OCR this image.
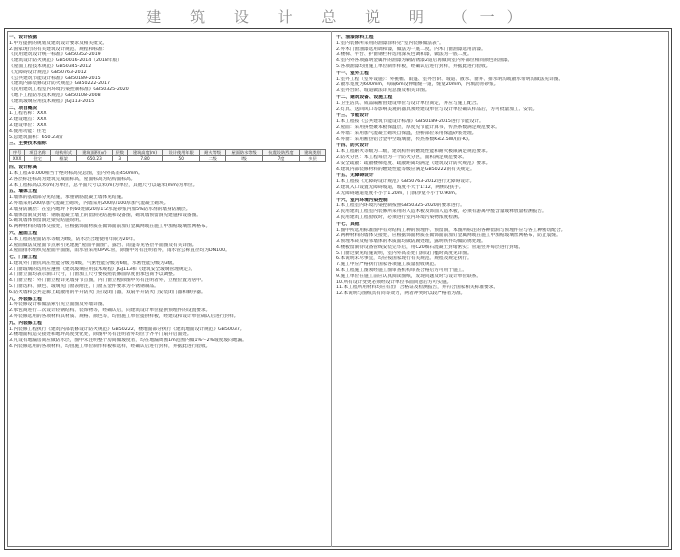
建 筑 设 计 总 说 明 （一）
一、设计依据
1.甲方提供的规划及建筑设计要求及相关批文。
2.国家现行的有关建筑设计规范、规程和标准：
《民用建筑设计统一标准》GB50352-2019
《建筑设计防火规范》GB50016-2014（2018年版）
《屋面工程技术规范》GB50345-2012
《无障碍设计规范》GB50763-2012
《公共建筑节能设计标准》GB50189-2015
《建筑内部装修设计防火规范》GB50222-2017
《民用建筑工程室内环境污染控制标准》GB50325-2020
《地下工程防水技术规范》GB50108-2008
《建筑玻璃应用技术规程》JGJ113-2015
二、项目概况
1.工程名称：XXX
2.建设地点：XXX
3.建设单位：XXX
4.使用功能：住宅
5.总建筑面积：650.23㎡
三、主要技术指标
序号	项目名称	结构形式	建筑面积(㎡)	层数	建筑高度(m)	设计使用年限	耐火等级	屋面防水等级	抗震设防烈度	建筑类别
XXX	住宅	框架	650.23	3	7.80	50	二级	Ⅰ级	7度	多层
四、设计标高
1.本工程±0.000相当于绝对标高见总图，室内外高差450mm。
2.各层标注标高为建筑完成面标高，屋面标高为结构面标高。
3.本工程标高以米(m)为单位，总平面尺寸以米(m)为单位，其他尺寸以毫米(mm)为单位。
五、墙体工程
1.墙体的基础部分见结施，承重钢筋混凝土墙体见结施。
2.外墙采用200厚加气混凝土砌块，内墙采用200厚/100厚加气混凝土砌块。
3.墙身防潮层：在室内地坪下约60处做20厚1:2水泥砂浆内加5%防水剂的墙身防潮层。
4.墙体留洞及封堵：钢筋混凝土墙上的留洞见结施和设备图，砌筑墙预留洞见建施和设备图。
5.砌筑墙体预留洞过梁见结施说明。
6.两种材料的墙体交接处，应根据饰面材质在做饰面前加钉金属网或在施工中加贴玻璃丝网格布。
六、屋面工程
1.本工程的屋面防水等级为Ⅰ级，防水层合理使用年限为20年。
2.屋面做法及屋面节点索引见建施“屋面平面图”，露台、雨篷等见各层平面图及有关详图。
3.屋面排水组织见屋面平面图，雨水管采用UPVC管，除图中另有注明者外，雨水管公称直径均为DN100。
七、门窗工程
1.建筑外门窗抗风压性能分级为4级，气密性能分级为6级，水密性能分级为3级。
2.门窗玻璃的选用应遵照《建筑玻璃应用技术规程》JGJ113和《建筑安全玻璃管理规定》。
3.门窗立面均表示洞口尺寸，门窗加工尺寸要按照装修面厚度由承包商予以调整。
4.门窗立樘：外门窗立樘详见墙身节点图，内门窗立樘除图中另有注明者外，立樘位置为居中。
5.门窗选料、颜色、玻璃见门窗表附注，门窗五金件要求为不锈钢制品。
6.防火墙和公共走廊上疏散用的平开防火门应设闭门器，双扇平开防火门安装闭门器和顺序器。
八、外装修工程
1.外装修设计和做法索引见立面图及外墙详图。
2.承包商进行二次设计轻钢结构、装饰物等，经确认后，向建筑设计单位提供预埋件的设置要求。
3.外装修选用的各项材料其材质、规格、颜色等，均由施工单位提供样板，经建设和设计单位确认后进行封样。
九、内装修工程
1.内装修工程执行《建筑内部装修设计防火规范》GB50222，楼地面部分执行《建筑地面设计规范》GB50037。
2.楼地面构造交接处和地坪高度变化处，除图中另有注明者外均位于齐平门扇开启面处。
3.凡设有地漏房间应做防水层，图中未注明整个房间做坡度者，均在地漏周围1m范围内做1%～2%坡度坡向地漏。
4.内装修选用的各项材料，均由施工单位制作样板和选样，经确认后进行封样，并据此进行验收。
十、油漆涂料工程
1.室内装修所采用的油漆涂料见“室内装修做法表”。
2.外木门窗油漆选用调和漆，做法为一底二度。内木门窗油漆选用清漆。
3.楼梯、平台、护窗钢栏杆选用深灰色调和漆，做法为一底二度。
4.室内外各项露明金属件的油漆为刷防锈漆2道后再做同室内外部位相同颜色的油漆。
5.各项油漆均由施工单位制作样板，经确认后进行封样，并据此进行验收。
十一、室外工程
1.室外工程（室外设施）：外挑檐、雨篷、室外台阶、坡道、散水、窗井、排水明沟或散水带明沟做法见详图。
2.散水宽度为600mm，每隔6m设伸缩缝一道，缝宽20mm，内填沥青砂浆。
3.室外台阶、坡道做法详见总图及相关详图。
十二、建筑设备、设施工程
1.卫生洁具、成品隔断由建设单位与设计单位商定，并应与施工配合。
2.灯具、送回风口等影响美观的器具须经建设单位与设计单位确认样品后，方可批量加工、安装。
十三、节能设计
1.本工程按《公共建筑节能设计标准》GB50189-2015进行节能设计。
2.屋面：采用挤塑聚苯板保温层，厚度见节能计算书，传热系数满足规范要求。
3.外墙：采用加气混凝土砌块自保温，热桥部位采用保温砂浆处理。
4.外窗：采用断热铝合金中空玻璃窗，传热系数K≤2.5W/(㎡·K)。
十四、防火设计
1.本工程耐火等级为二级，建筑构件的燃烧性能和耐火极限满足规范要求。
2.防火分区：本工程每层为一个防火分区，面积满足规范要求。
3.安全疏散：疏散楼梯宽度、疏散距离均满足《建筑设计防火规范》要求。
4.建筑内部装修材料的燃烧性能等级应满足GB50222的有关规定。
十五、无障碍设计
1.本工程按《无障碍设计规范》GB50763-2012进行无障碍设计。
2.建筑入口设置无障碍坡道，坡度不大于1:12，两侧设扶手。
3.无障碍通道宽度不小于1.20m，门洞净宽不小于0.90m。
十六、室内环境污染控制
1.本工程室内环境污染控制按照GB50325-2020的要求进行。
2.民用建筑工程室内装修所采用的人造木板及饰面人造木板，必须有游离甲醛含量或释放量检测报告。
3.民用建筑工程验收时，必须进行室内环境污染物浓度检测。
十七、其他
1.图中所选用标准图中有对结构工种的预埋件、预留洞，本图所标注的各种留洞与预埋件应与各工种密切配合。
2.两种材料的墙体交接处，应根据饰面材质在做饰面前加钉金属网或在施工中加贴玻璃丝网格布，防止裂缝。
3.预埋木砖及贴邻墙体的木质面均做防腐处理，露明铁件均做防锈处理。
4.楼板留洞待设备管线安装完毕后，用C20细石混凝土封堵密实；管道竖井每层进行封堵。
5.门窗过梁见结施说明，室内外高差处门洞设门槛时高度见详图。
6.本说明未尽事宜，均应按国家现行有关规范、规程及规定执行。
7.施工中应严格执行国家各项施工质量验收规范。
8.本工程施工图须经施工图审查机构审查合格后方可用于施工。
9.施工单位在施工前应认真阅读图纸，发现问题及时与设计单位联系。
10.所有设计变更必须经设计单位书面同意后方可实施。
11.本工程所用材料均应有出厂合格证及检测报告，并符合国家相关标准要求。
12.本说明与图纸具有同等效力，两者冲突时以较严格者为准。
